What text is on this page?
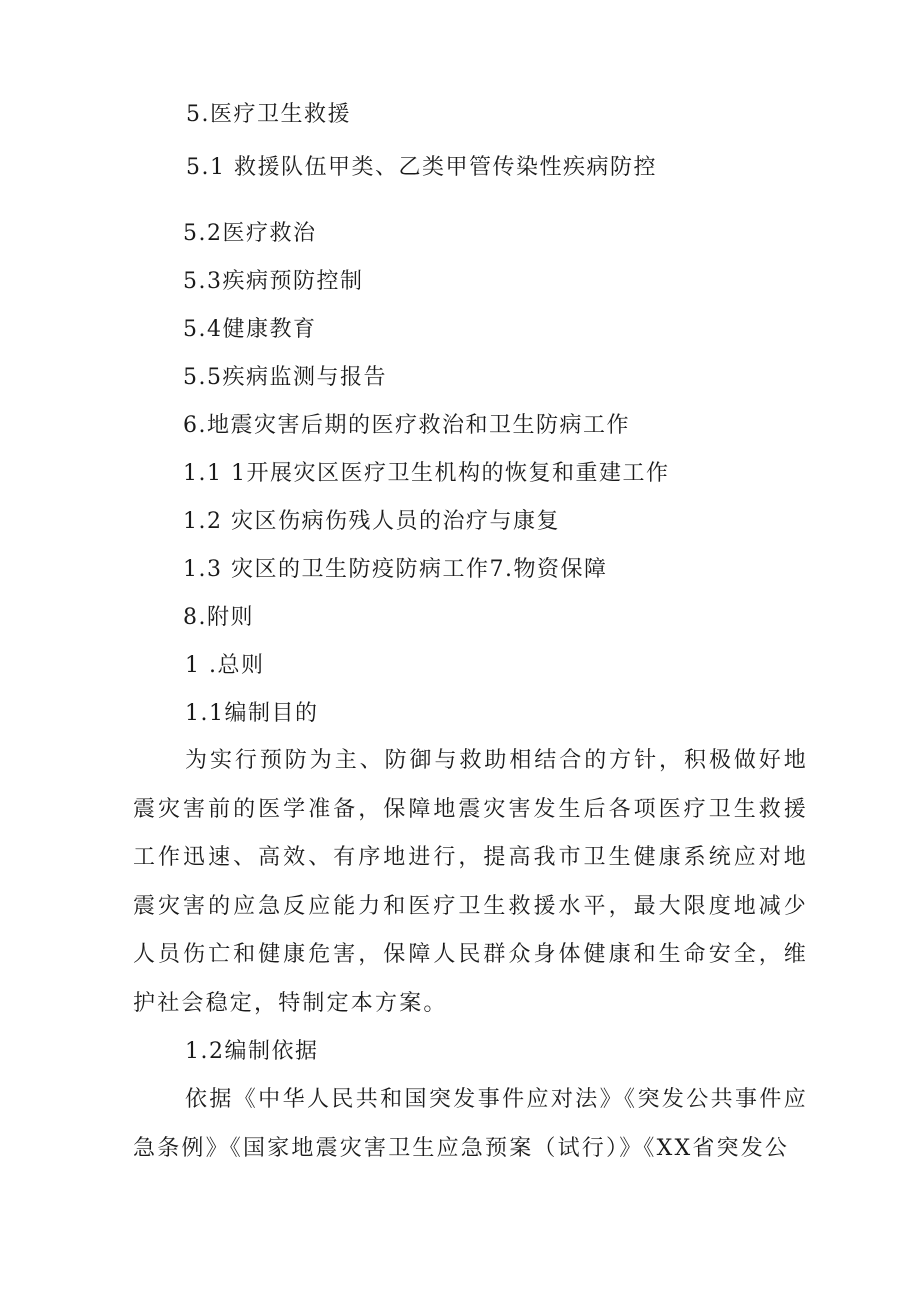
5.医疗卫生救援
5.1 救援队伍甲类、乙类甲管传染性疾病防控
5.2医疗救治
5.3疾病预防控制
5.4健康教育
5.5疾病监测与报告
6.地震灾害后期的医疗救治和卫生防病工作
1.1 1开展灾区医疗卫生机构的恢复和重建工作
1.2 灾区伤病伤残人员的治疗与康复
1.3 灾区的卫生防疫防病工作7.物资保障
8.附则
1 .总则
1.1编制目的
为实行预防为主、防御与救助相结合的方针，积极做好地震灾害前的医学准备，保障地震灾害发生后各项医疗卫生救援工作迅速、高效、有序地进行，提高我市卫生健康系统应对地震灾害的应急反应能力和医疗卫生救援水平，最大限度地减少人员伤亡和健康危害，保障人民群众身体健康和生命安全，维护社会稳定，特制定本方案。
1.2编制依据
依据《中华人民共和国突发事件应对法》《突发公共事件应急条例》《国家地震灾害卫生应急预案（试行）》《XX省突发公
